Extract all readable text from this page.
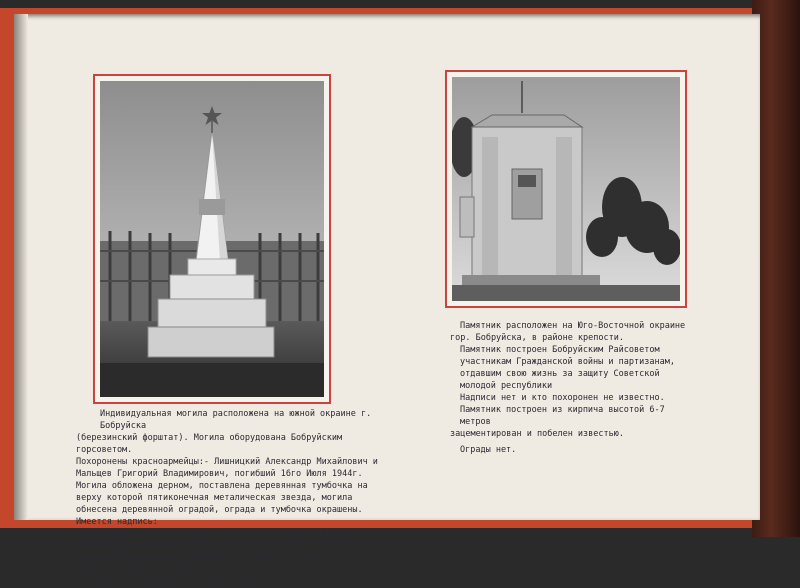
Индивидуальная могила расположена на южной окраине г. Бобруйска
(березинский форштат). Могила оборудована Бобруйским горсоветом.
Похоронены красноармейцы:- Лишницкий Александр Михайлович и Мальщев Григорий Владимирович, погибший 16го Июля 1944г. Могила обложена дерном, поставлена деревянная тумбочка на верху которой пятиконечная металическая звезда, могила обнесена деревянной оградой, ограда и тумбочка окрашены. Имеется надпись:
Похоронены бойцы жел. дор. части, п/часть 418. Лишницкий Александ Михайлович
и Малышев Григорий Владимирович, уроженец Белорусского р-на УССР. с Парубка, погибли
от вражеской авиации 16го июля 1944 года.
Памятник расположен на Юго-Восточной окраине
гор. Бобруйска, в районе крепости.
Памятник построен Бобруйским Райсоветом участникам Гражданской войны и партизанам, отдавшим свою жизнь за защиту Советской молодой республики
Надписи нет и кто похоронен не известно.
Памятник построен из кирпича высотой 6-7 метров
зацементирован и побелен известью.
Ограды нет.
